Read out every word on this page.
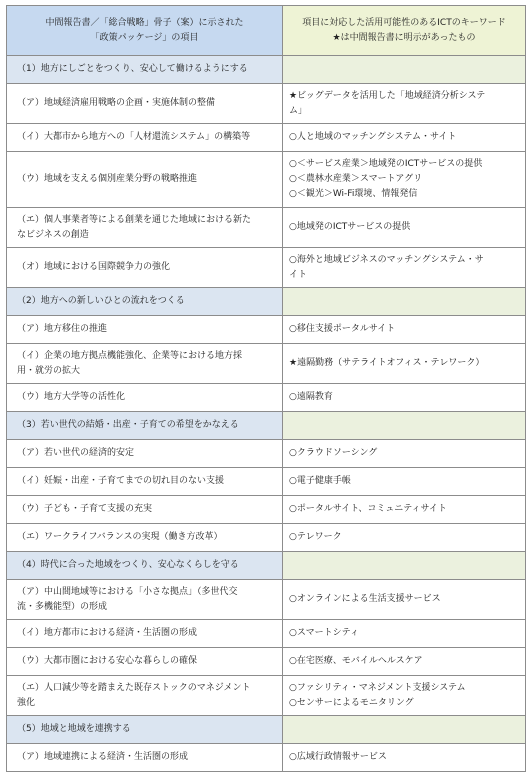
中間報告書／「総合戦略」骨子（案）に示された
「政策パッケージ」の項目	項目に対応した活用可能性のあるICTのキーワード
★は中間報告書に明示があったもの

（1）地方にしごとをつくり、安心して働けるようにする	

（ア）地域経済雇用戦略の企画・実施体制の整備	★ビッグデータを活用した「地域経済分析システ
ム」

（イ）大都市から地方への「人材還流システム」の構築等	○人と地域のマッチングシステム・サイト

（ウ）地域を支える個別産業分野の戦略推進	○＜サービス産業＞地域発のICTサービスの提供
○＜農林水産業＞スマートアグリ
○＜観光＞Wi-Fi環境、情報発信

（エ）個人事業者等による創業を通じた地域における新た
なビジネスの創造	○地域発のICTサービスの提供

（オ）地域における国際競争力の強化	○海外と地域ビジネスのマッチングシステム・サ
イト

（2）地方への新しいひとの流れをつくる	

（ア）地方移住の推進	○移住支援ポータルサイト

（イ）企業の地方拠点機能強化、企業等における地方採
用・就労の拡大	★遠隔勤務（サテライトオフィス・テレワーク）

（ウ）地方大学等の活性化	○遠隔教育

（3）若い世代の結婚・出産・子育ての希望をかなえる	

（ア）若い世代の経済的安定	○クラウドソーシング

（イ）妊娠・出産・子育てまでの切れ目のない支援	○電子健康手帳

（ウ）子ども・子育て支援の充実	○ポータルサイト、コミュニティサイト

（エ）ワークライフバランスの実現（働き方改革）	○テレワーク

（4）時代に合った地域をつくり、安心なくらしを守る	

（ア）中山間地域等における「小さな拠点」（多世代交
流・多機能型）の形成	○オンラインによる生活支援サービス

（イ）地方都市における経済・生活圏の形成	○スマートシティ

（ウ）大都市圏における安心な暮らしの確保	○在宅医療、モバイルヘルスケア

（エ）人口減少等を踏まえた既存ストックのマネジメント
強化	○ファシリティ・マネジメント支援システム
○センサーによるモニタリング

（5）地域と地域を連携する	

（ア）地域連携による経済・生活圏の形成	○広域行政情報サービス
